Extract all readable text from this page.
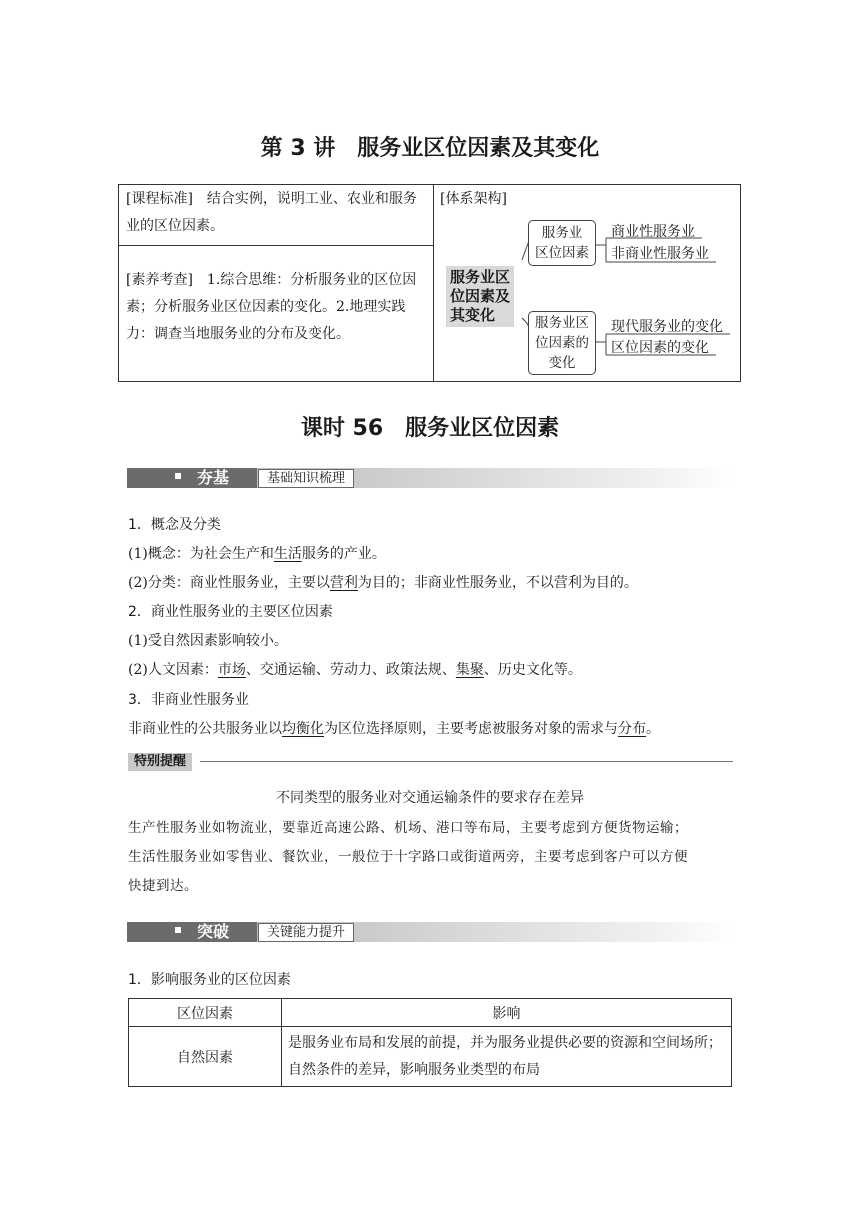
第 3 讲　服务业区位因素及其变化
[课程标准]　结合实例，说明工业、农业和服务业的区位因素。
[素养考查]　1.综合思维：分析服务业的区位因素；分析服务业区位因素的变化。2.地理实践力：调查当地服务业的分布及变化。
[体系架构]
服务业区
位因素及
其变化
服务业
区位因素
商业性服务业
非商业性服务业
服务业区
位因素的
变化
现代服务业的变化
区位因素的变化
课时 56　服务业区位因素
夯基	基础知识梳理
1．概念及分类
(1)概念：为社会生产和生活服务的产业。
(2)分类：商业性服务业，主要以营利为目的；非商业性服务业，不以营利为目的。
2．商业性服务业的主要区位因素
(1)受自然因素影响较小。
(2)人文因素：市场、交通运输、劳动力、政策法规、集聚、历史文化等。
3．非商业性服务业
非商业性的公共服务业以均衡化为区位选择原则，主要考虑被服务对象的需求与分布。
特别提醒
不同类型的服务业对交通运输条件的要求存在差异
生产性服务业如物流业，要靠近高速公路、机场、港口等布局，主要考虑到方便货物运输；
生活性服务业如零售业、餐饮业，一般位于十字路口或街道两旁，主要考虑到客户可以方便
快捷到达。
突破	关键能力提升
1．影响服务业的区位因素
区位因素	影响
自然因素	是服务业布局和发展的前提，并为服务业提供必要的资源和空间场所；自然条件的差异，影响服务业类型的布局
